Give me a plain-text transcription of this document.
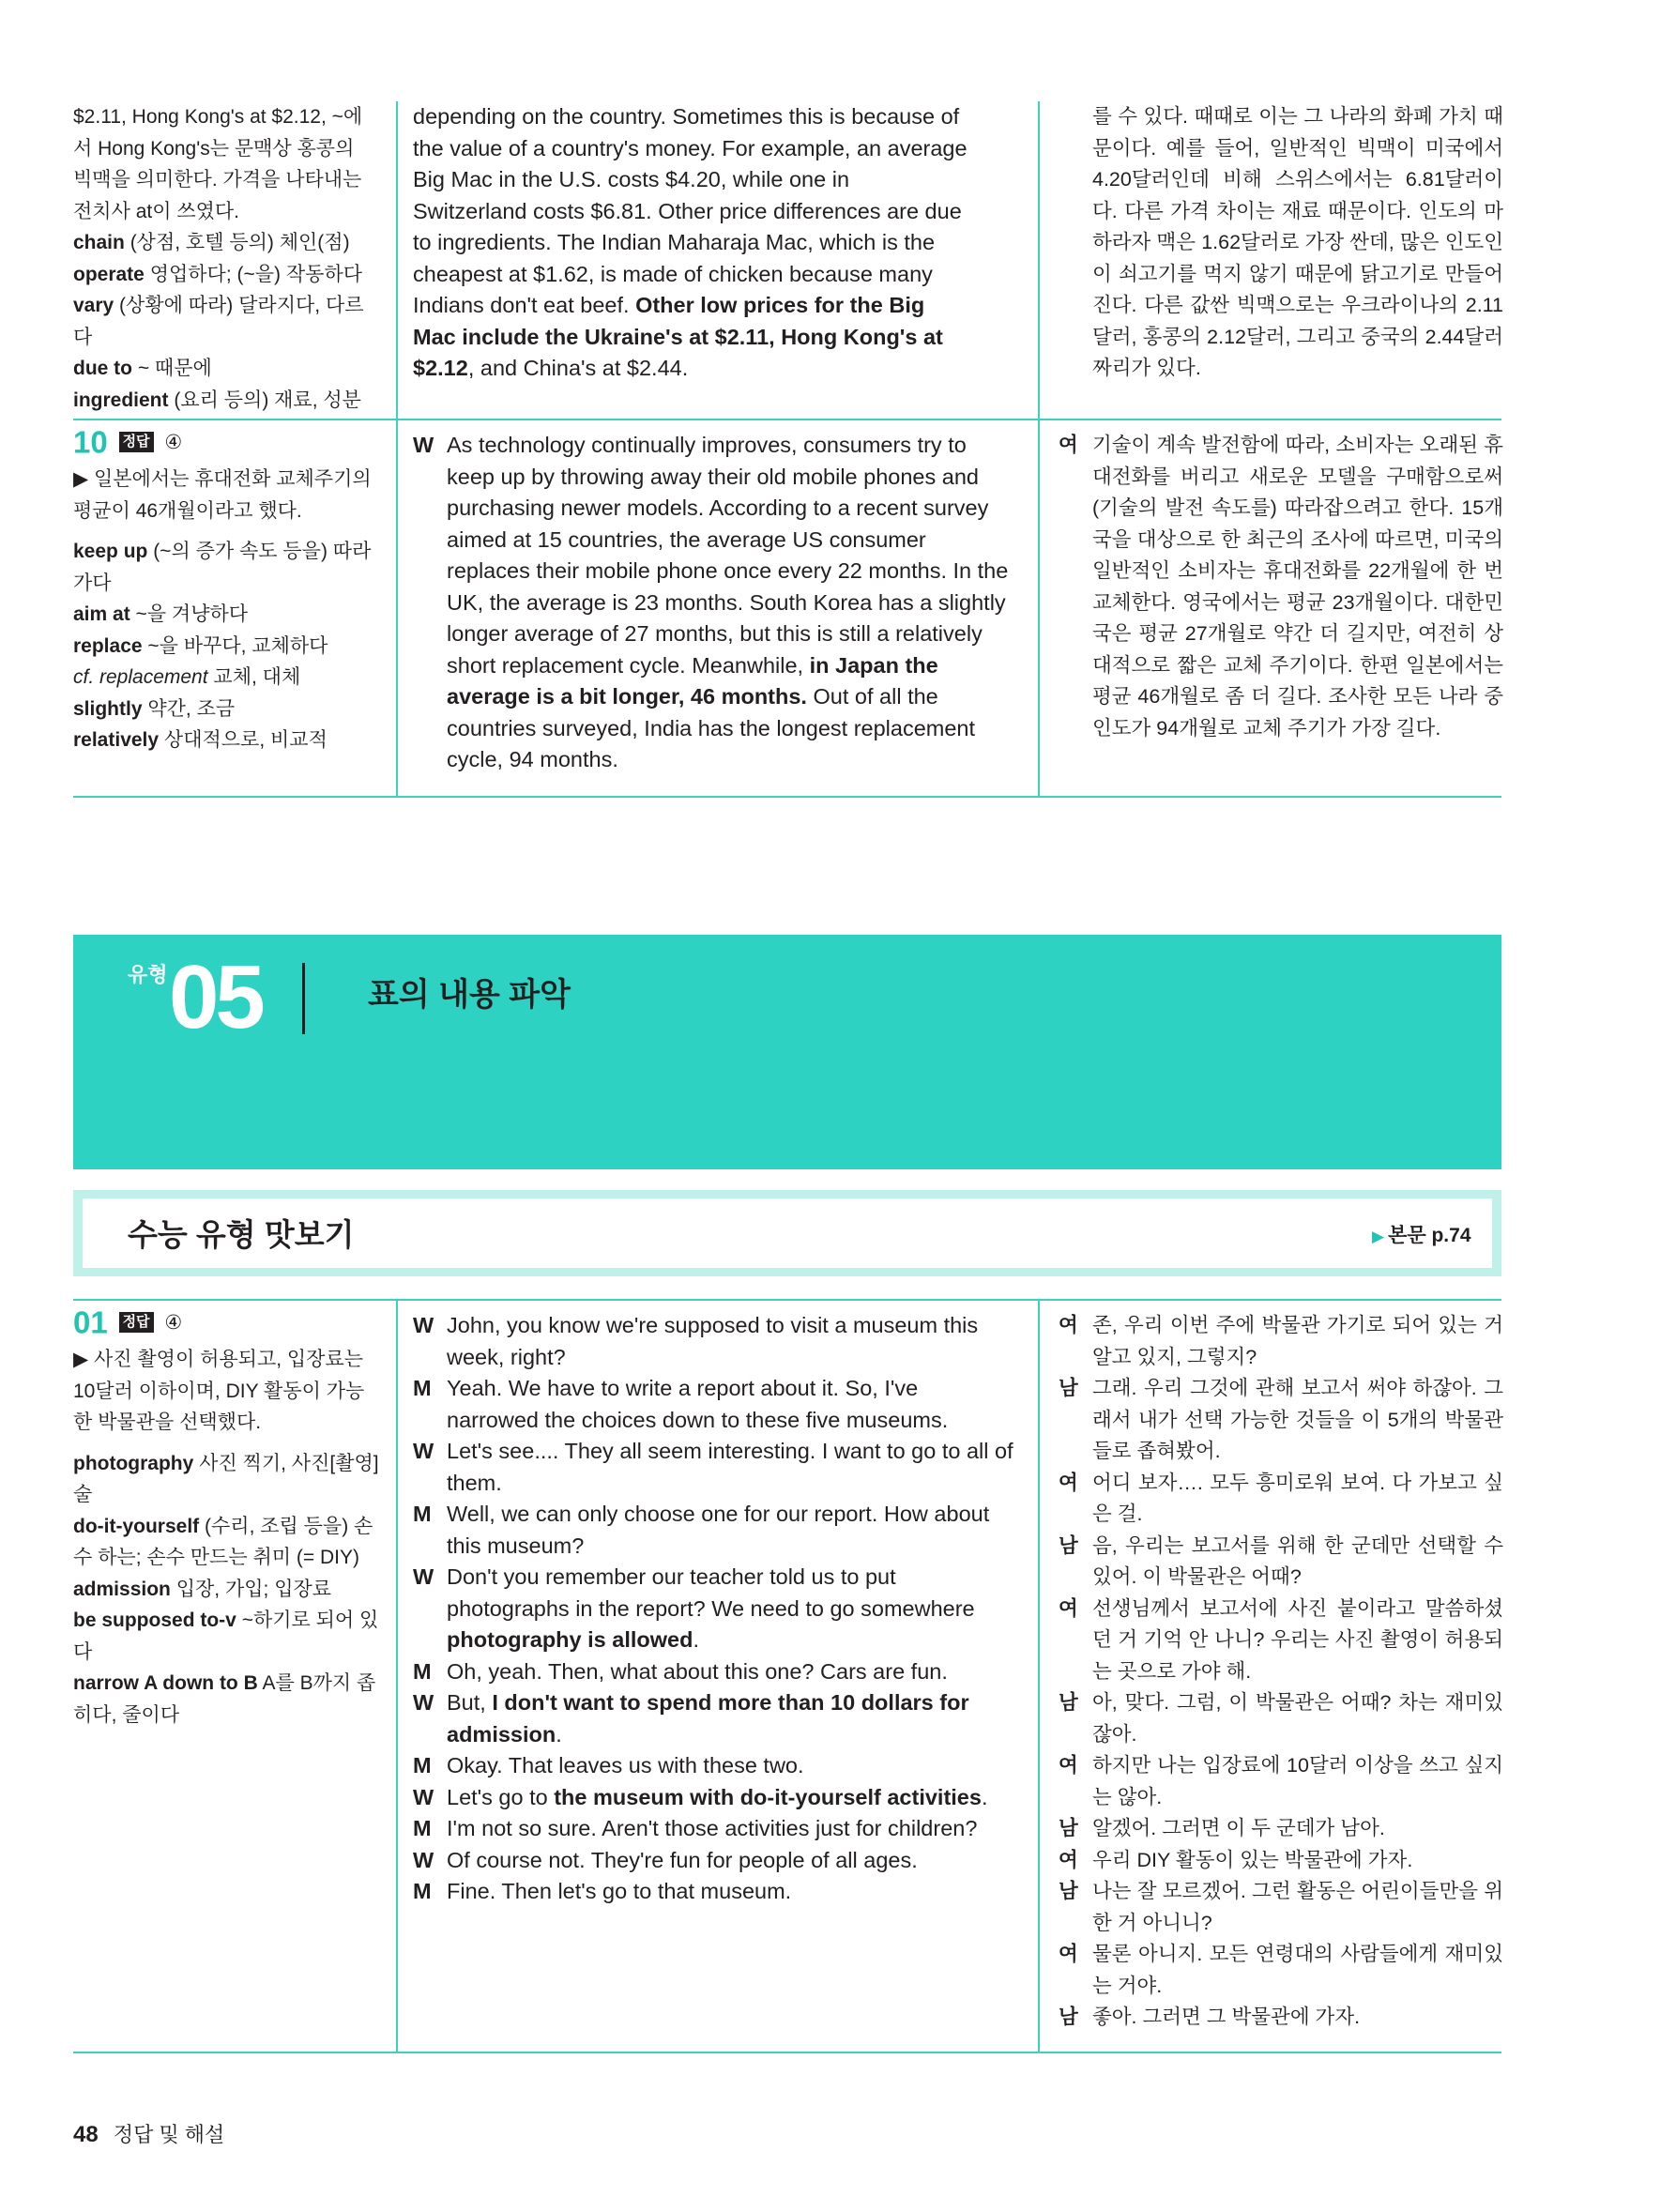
$2.11, Hong Kong's at $2.12, ~에

서 Hong Kong's는 문맥상 홍콩의

빅맥을 의미한다. 가격을 나타내는

전치사 at이 쓰였다.

chain (상점, 호텔 등의) 체인(점)

operate 영업하다; (~을) 작동하다

vary (상황에 따라) 달라지다, 다르다

due to ~ 때문에

ingredient (요리 등의) 재료, 성분

depending on the country. Sometimes this is because of

the value of a country's money. For example, an average

Big Mac in the U.S. costs $4.20, while one in

Switzerland costs $6.81. Other price differences are due

to ingredients. The Indian Maharaja Mac, which is the

cheapest at $1.62, is made of chicken because many

Indians don't eat beef. Other low prices for the Big

Mac include the Ukraine's at $2.11, Hong Kong's at

$2.12, and China's at $2.44.

를 수 있다. 때때로 이는 그 나라의 화폐 가치 때문이다. 예를 들어, 일반적인 빅맥이 미국에서 4.20달러인데 비해 스위스에서는 6.81달러이다. 다른 가격 차이는 재료 때문이다. 인도의 마하라자 맥은 1.62달러로 가장 싼데, 많은 인도인이 쇠고기를 먹지 않기 때문에 닭고기로 만들어진다. 다른 값싼 빅맥으로는 우크라이나의 2.11달러, 홍콩의 2.12달러, 그리고 중국의 2.44달러짜리가 있다.

10 정답 ④

▶ 일본에서는 휴대전화 교체주기의 평균이 46개월이라고 했다.

keep up (~의 증가 속도 등을) 따라가다

aim at ~을 겨냥하다

replace ~을 바꾸다, 교체하다

cf. replacement 교체, 대체

slightly 약간, 조금

relatively 상대적으로, 비교적

W As technology continually improves, consumers try to keep up by throwing away their old mobile phones and purchasing newer models. According to a recent survey aimed at 15 countries, the average US consumer replaces their mobile phone once every 22 months. In the UK, the average is 23 months. South Korea has a slightly longer average of 27 months, but this is still a relatively short replacement cycle. Meanwhile, in Japan the average is a bit longer, 46 months. Out of all the countries surveyed, India has the longest replacement cycle, 94 months.
여 기술이 계속 발전함에 따라, 소비자는 오래된 휴대전화를 버리고 새로운 모델을 구매함으로써 (기술의 발전 속도를) 따라잡으려고 한다. 15개국을 대상으로 한 최근의 조사에 따르면, 미국의 일반적인 소비자는 휴대전화를 22개월에 한 번 교체한다. 영국에서는 평균 23개월이다. 대한민국은 평균 27개월로 약간 더 길지만, 여전히 상대적으로 짧은 교체 주기이다. 한편 일본에서는 평균 46개월로 좀 더 길다. 조사한 모든 나라 중 인도가 94개월로 교체 주기가 가장 길다.
유형 05	표의 내용 파악
수능 유형 맛보기	▶ 본문 p.74

01 정답 ④

▶ 사진 촬영이 허용되고, 입장료는 10달러 이하이며, DIY 활동이 가능한 박물관을 선택했다.

photography 사진 찍기, 사진[촬영]술

do-it-yourself (수리, 조립 등을) 손수 하는; 손수 만드는 취미 (= DIY)

admission 입장, 가입; 입장료

be supposed to-v ~하기로 되어 있다

narrow A down to B A를 B까지 좁히다, 줄이다

W John, you know we're supposed to visit a museum this week, right?
M Yeah. We have to write a report about it. So, I've narrowed the choices down to these five museums.
W Let's see.... They all seem interesting. I want to go to all of them.
M Well, we can only choose one for our report. How about this museum?
W Don't you remember our teacher told us to put photographs in the report? We need to go somewhere photography is allowed.
M Oh, yeah. Then, what about this one? Cars are fun.
W But, I don't want to spend more than 10 dollars for admission.
M Okay. That leaves us with these two.
W Let's go to the museum with do-it-yourself activities.
M I'm not so sure. Aren't those activities just for children?
W Of course not. They're fun for people of all ages.
M Fine. Then let's go to that museum.
여 존, 우리 이번 주에 박물관 가기로 되어 있는 거 알고 있지, 그렇지?
남 그래. 우리 그것에 관해 보고서 써야 하잖아. 그래서 내가 선택 가능한 것들을 이 5개의 박물관들로 좁혀봤어.
여 어디 보자…. 모두 흥미로워 보여. 다 가보고 싶은 걸.
남 음, 우리는 보고서를 위해 한 군데만 선택할 수 있어. 이 박물관은 어때?
여 선생님께서 보고서에 사진 붙이라고 말씀하셨던 거 기억 안 나니? 우리는 사진 촬영이 허용되는 곳으로 가야 해.
남 아, 맞다. 그럼, 이 박물관은 어때? 차는 재미있잖아.
여 하지만 나는 입장료에 10달러 이상을 쓰고 싶지는 않아.
남 알겠어. 그러면 이 두 군데가 남아.
여 우리 DIY 활동이 있는 박물관에 가자.
남 나는 잘 모르겠어. 그런 활동은 어린이들만을 위한 거 아니니?
여 물론 아니지. 모든 연령대의 사람들에게 재미있는 거야.
남 좋아. 그러면 그 박물관에 가자.
48 정답 및 해설
